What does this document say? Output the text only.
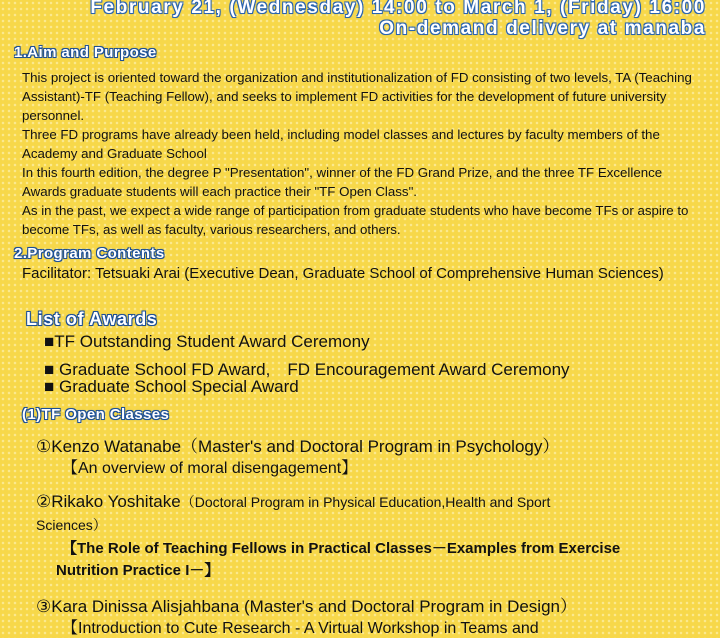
February 21, (Wednesday) 14:00 to March 1, (Friday) 16:00
On-demand delivery at manaba
1.Aim and Purpose

This project is oriented toward the organization and institutionalization of FD consisting of two levels, TA (Teaching Assistant)-TF (Teaching Fellow), and seeks to implement FD activities for the development of future university personnel.

Three FD programs have already been held, including model classes and lectures by faculty members of the Academy and Graduate School

In this fourth edition, the degree P "Presentation", winner of the FD Grand Prize, and the three TF Excellence Awards graduate students will each practice their "TF Open Class".

As in the past, we expect a wide range of participation from graduate students who have become TFs or aspire to become TFs, as well as faculty, various researchers, and others.

2.Program Contents
Facilitator: Tetsuaki Arai (Executive Dean, Graduate School of Comprehensive Human Sciences)
List of Awards
■TF Outstanding Student Award Ceremony
■ Graduate School FD Award,　FD Encouragement Award Ceremony
■ Graduate School Special Award
(1)TF Open Classes
①Kenzo Watanabe（Master's and Doctoral Program in Psychology）
【An overview of moral disengagement】
②Rikako Yoshitake（Doctoral Program in Physical Education,Health and Sport
Sciences）
【The Role of Teaching Fellows in Practical Classes－Examples from Exercise
Nutrition Practice I－】
③Kara Dinissa Alisjahbana (Master's and Doctoral Program in Design）
【Introduction to Cute Research - A Virtual Workshop in Teams and
